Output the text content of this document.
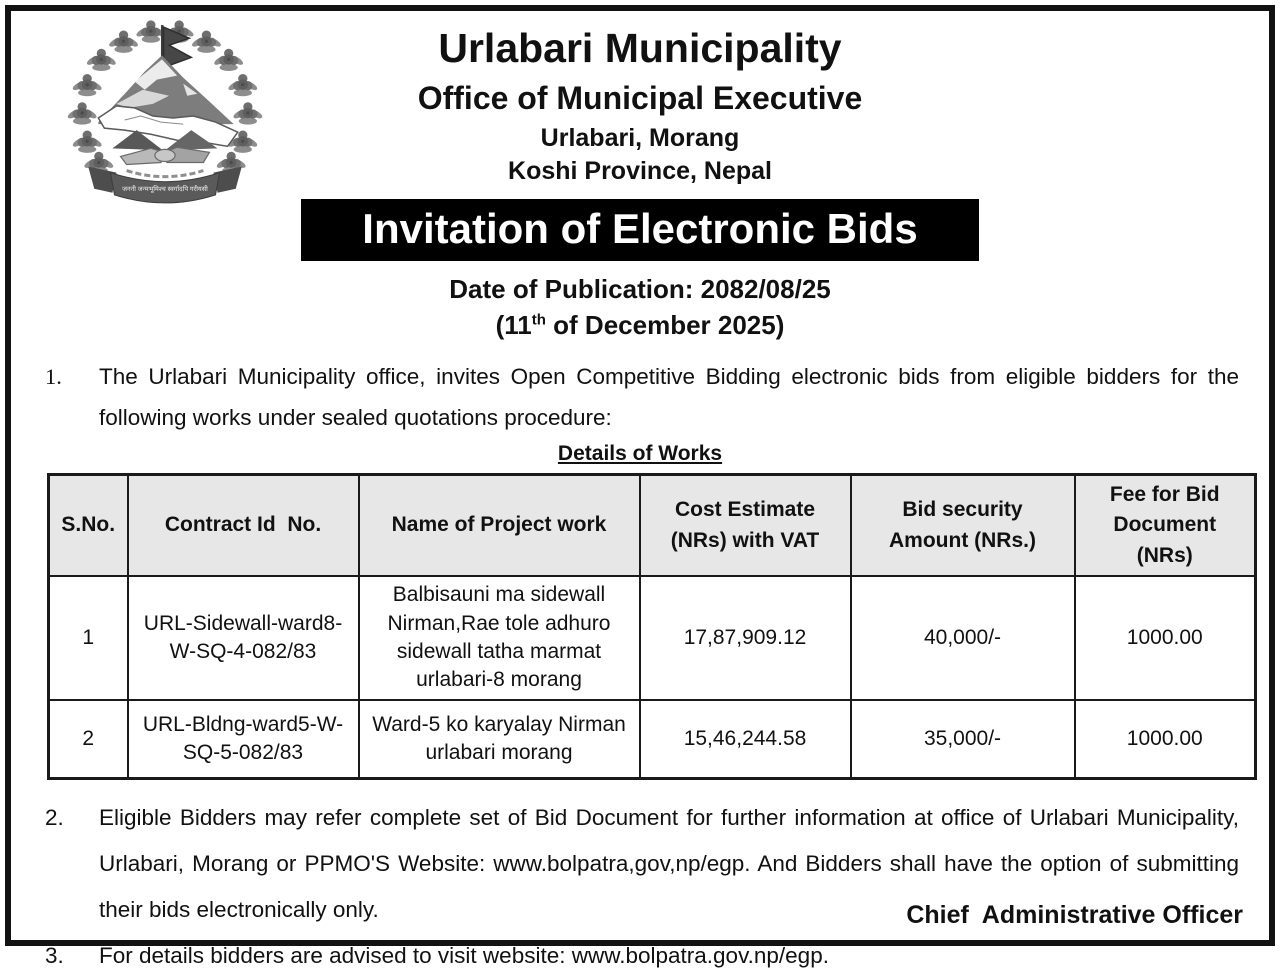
जननी जन्मभूमिश्च स्वर्गादपि गरीयसी
Urlabari Municipality
Office of Municipal Executive
Urlabari, Morang
Koshi Province, Nepal
Invitation of Electronic Bids
Date of Publication: 2082/08/25
(11th of December 2025)
1.	The Urlabari Municipality office, invites Open Competitive Bidding electronic bids from eligible bidders for the following works under sealed quotations procedure:
Details of Works
S.No.	Contract Id  No.	Name of Project work	Cost Estimate (NRs) with VAT	Bid security Amount (NRs.)	Fee for Bid Document (NRs)
1	URL-Sidewall-ward8-W-SQ-4-082/83	Balbisauni ma sidewall Nirman,Rae tole adhuro sidewall tatha marmat urlabari-8 morang	17,87,909.12	40,000/-	1000.00
2	URL-Bldng-ward5-W-SQ-5-082/83	Ward-5 ko karyalay Nirman urlabari morang	15,46,244.58	35,000/-	1000.00
2.	Eligible Bidders may refer complete set of Bid Document for further information at office of Urlabari Municipality, Urlabari, Morang or PPMO'S Website: www.bolpatra,gov,np/egp. And Bidders shall have the option of submitting their bids electronically only.
3.	For details bidders are advised to visit website: www.bolpatra.gov.np/egp.
Chief  Administrative Officer
